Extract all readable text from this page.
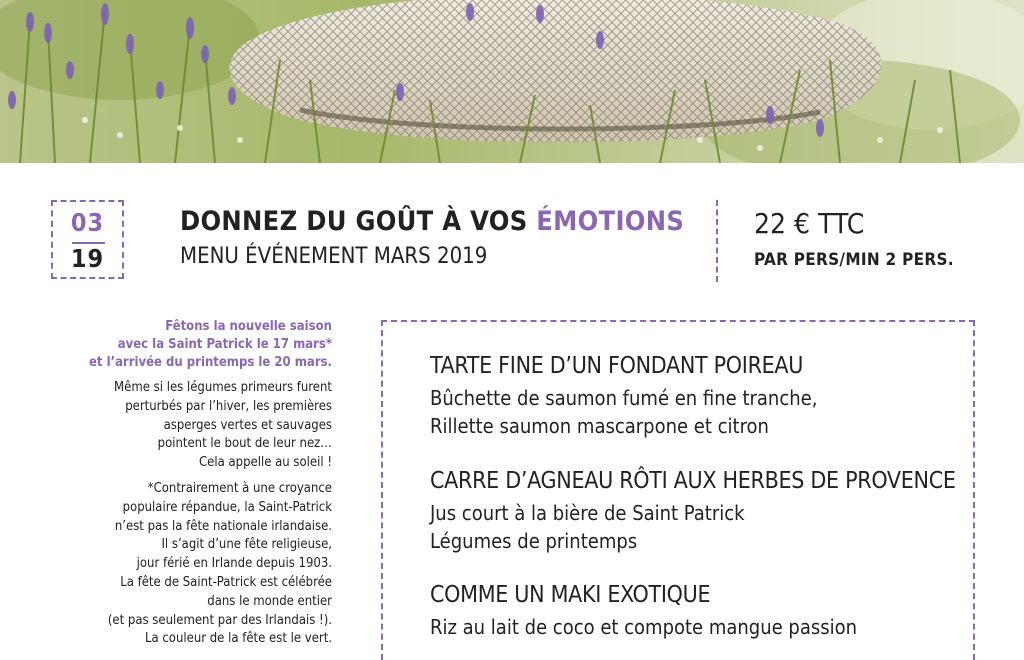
03
19
DONNEZ DU GOÛT À VOS ÉMOTIONS
MENU ÉVÉNEMENT MARS 2019
22 € TTC
PAR PERS/MIN 2 PERS.
Fêtons la nouvelle saison
avec la Saint Patrick le 17 mars*
et l’arrivée du printemps le 20 mars.
Même si les légumes primeurs furent
perturbés par l’hiver, les premières
asperges vertes et sauvages
pointent le bout de leur nez…
Cela appelle au soleil !
*Contrairement à une croyance
populaire répandue, la Saint-Patrick
n’est pas la fête nationale irlandaise.
Il s’agit d’une fête religieuse,
jour férié en Irlande depuis 1903.
La fête de Saint-Patrick est célébrée
dans le monde entier
(et pas seulement par des Irlandais !).
La couleur de la fête est le vert.
TARTE FINE D’UN FONDANT POIREAU
Bûchette de saumon fumé en fine tranche,
Rillette saumon mascarpone et citron
CARRE D’AGNEAU RÔTI AUX HERBES DE PROVENCE
Jus court à la bière de Saint Patrick
Légumes de printemps
COMME UN MAKI EXOTIQUE
Riz au lait de coco et compote mangue passion
